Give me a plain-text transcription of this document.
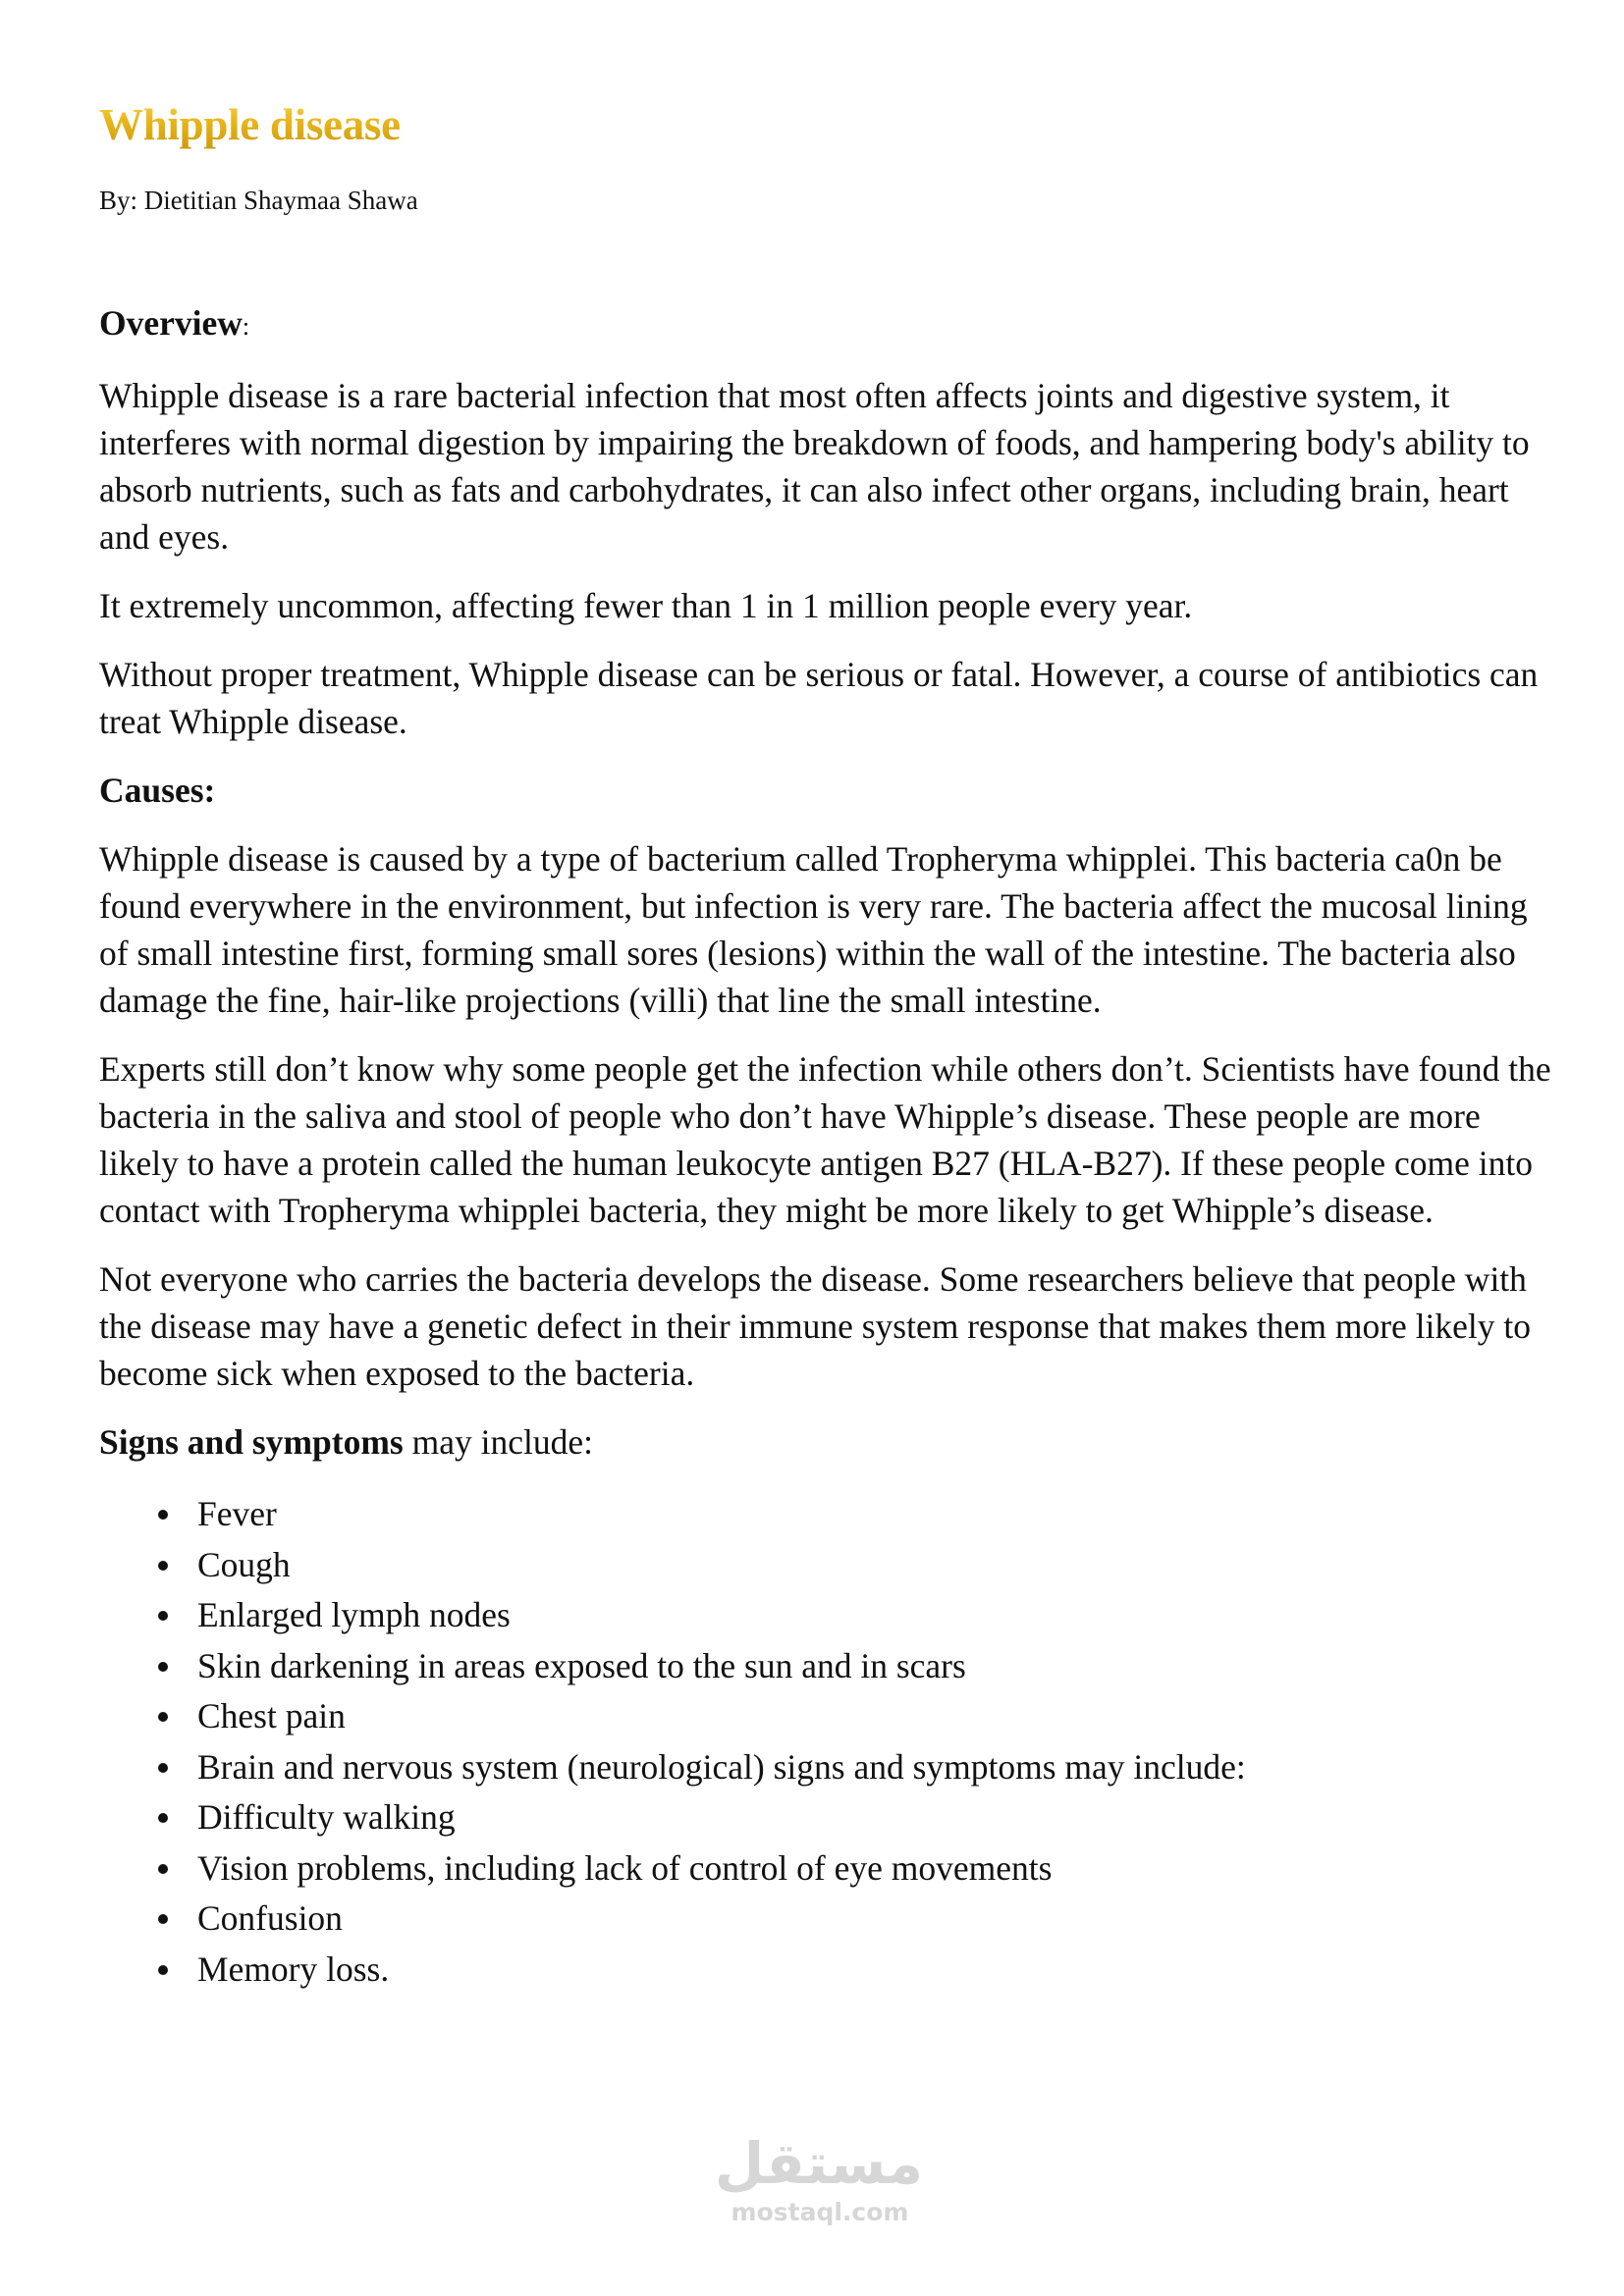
Whipple disease

By: Dietitian Shaymaa Shawa

Overview:

Whipple disease is a rare bacterial infection that most often affects joints and digestive system, it interferes with normal digestion by impairing the breakdown of foods, and hampering body's ability to absorb nutrients, such as fats and carbohydrates, it can also infect other organs, including brain, heart and eyes.

It extremely uncommon, affecting fewer than 1 in 1 million people every year.

Without proper treatment, Whipple disease can be serious or fatal. However, a course of antibiotics can treat Whipple disease.

Causes:

Whipple disease is caused by a type of bacterium called Tropheryma whipplei. This bacteria ca0n be found everywhere in the environment, but infection is very rare. The bacteria affect the mucosal lining of small intestine first, forming small sores (lesions) within the wall of the intestine. The bacteria also damage the fine, hair-like projections (villi) that line the small intestine.

Experts still don’t know why some people get the infection while others don’t. Scientists have found the bacteria in the saliva and stool of people who don’t have Whipple’s disease. These people are more likely to have a protein called the human leukocyte antigen B27 (HLA-B27). If these people come into contact with Tropheryma whipplei bacteria, they might be more likely to get Whipple’s disease.

Not everyone who carries the bacteria develops the disease. Some researchers believe that people with the disease may have a genetic defect in their immune system response that makes them more likely to become sick when exposed to the bacteria.

Signs and symptoms may include:

Fever
Cough
Enlarged lymph nodes
Skin darkening in areas exposed to the sun and in scars
Chest pain
Brain and nervous system (neurological) signs and symptoms may include:
Difficulty walking
Vision problems, including lack of control of eye movements
Confusion
Memory loss.
مستقل
mostaql.com
